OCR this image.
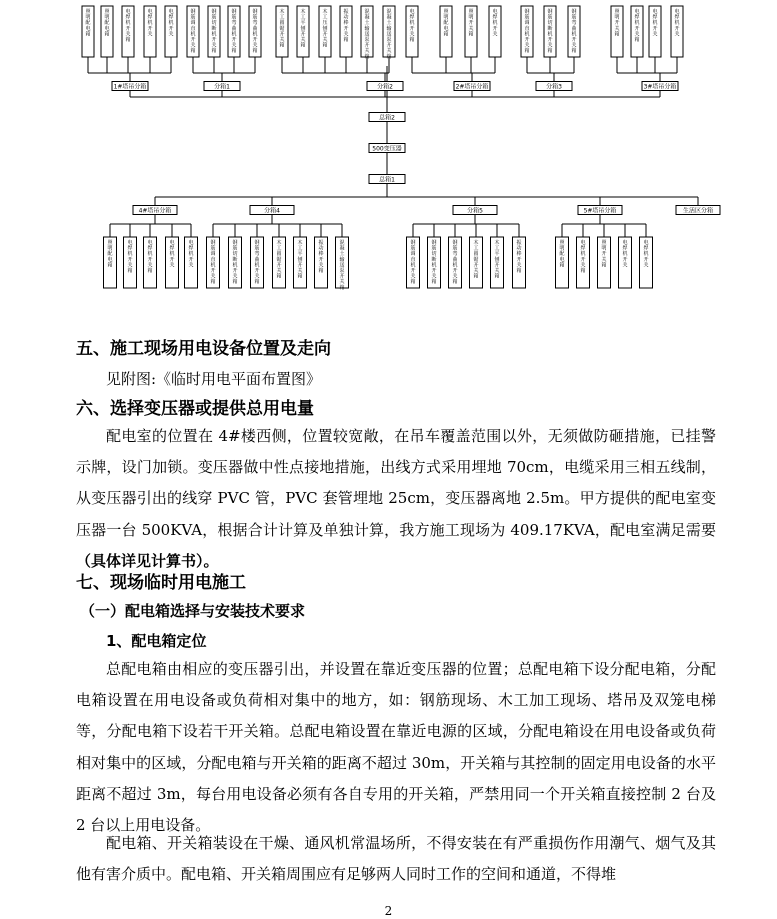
总箱2
500变压器
总箱1
1#塔吊分箱
照
明
配
电
箱
照
明
配
电
箱
电
焊
机
开
关
箱
电
焊
机
开
关
电
焊
机
开
关
分箱1
钢
筋
调
直
机
开
关
箱
钢
筋
切
断
机
开
关
箱
钢
筋
弯
曲
机
开
关
箱
钢
筋
弯
曲
机
开
关
箱
分箱2
木
工
圆
锯
开
关
箱
木
工
平
刨
开
关
箱
木
工
压
刨
开
关
箱
振
动
棒
开
关
箱
混
凝
土
输
送
泵
开
关
箱
混
凝
土
输
送
泵
开
关
箱
2#塔吊分箱
电
焊
机
开
关
箱
照
明
配
电
箱
照
明
开
关
箱
电
焊
机
开
关
分箱3
钢
筋
调
直
机
开
关
箱
钢
筋
切
断
机
开
关
箱
钢
筋
弯
曲
机
开
关
箱
3#塔吊分箱
照
明
开
关
箱
电
焊
机
开
关
箱
电
焊
机
开
关
电
焊
机
开
关
4#塔吊分箱
照
明
配
电
箱
电
焊
机
开
关
箱
电
焊
机
开
关
箱
电
焊
机
开
关
电
焊
机
开
关
分箱4
钢
筋
调
直
机
开
关
箱
钢
筋
切
断
机
开
关
箱
钢
筋
弯
曲
机
开
关
箱
木
工
圆
锯
开
关
箱
木
工
平
刨
开
关
箱
振
动
棒
开
关
箱
混
凝
土
输
送
泵
开
关
箱
分箱5
钢
筋
调
直
机
开
关
箱
钢
筋
切
断
机
开
关
箱
钢
筋
弯
曲
机
开
关
箱
木
工
圆
锯
开
关
箱
木
工
平
刨
开
关
箱
振
动
棒
开
关
箱
5#塔吊分箱
照
明
配
电
箱
电
焊
机
开
关
箱
照
明
开
关
箱
电
焊
机
开
关
电
焊
机
开
关
生活区分箱
五、施工现场用电设备位置及走向
见附图:《临时用电平面布置图》
六、选择变压器或提供总用电量
配电室的位置在 4#楼西侧，位置较宽敞，在吊车覆盖范围以外，无须做防砸措施，已挂警示牌，设门加锁。变压器做中性点接地措施，出线方式采用埋地 70cm，电缆采用三相五线制，从变压器引出的线穿 PVC 管，PVC 套管埋地 25cm，变压器离地 2.5m。甲方提供的配电室变压器一台 500KVA，根据合计计算及单独计算，我方施工现场为 409.17KVA，配电室满足需要（具体详见计算书）。
七、现场临时用电施工
（一）配电箱选择与安装技术要求
1、配电箱定位
总配电箱由相应的变压器引出，并设置在靠近变压器的位置；总配电箱下设分配电箱，分配电箱设置在用电设备或负荷相对集中的地方，如：钢筋现场、木工加工现场、塔吊及双笼电梯等，分配电箱下设若干开关箱。总配电箱设置在靠近电源的区域，分配电箱设在用电设备或负荷相对集中的区域，分配电箱与开关箱的距离不超过 30m，开关箱与其控制的固定用电设备的水平距离不超过 3m，每台用电设备必须有各自专用的开关箱，严禁用同一个开关箱直接控制 2 台及 2 台以上用电设备。
配电箱、开关箱装设在干燥、通风机常温场所，不得安装在有严重损伤作用潮气、烟气及其他有害介质中。配电箱、开关箱周围应有足够两人同时工作的空间和通道，不得堆
2
